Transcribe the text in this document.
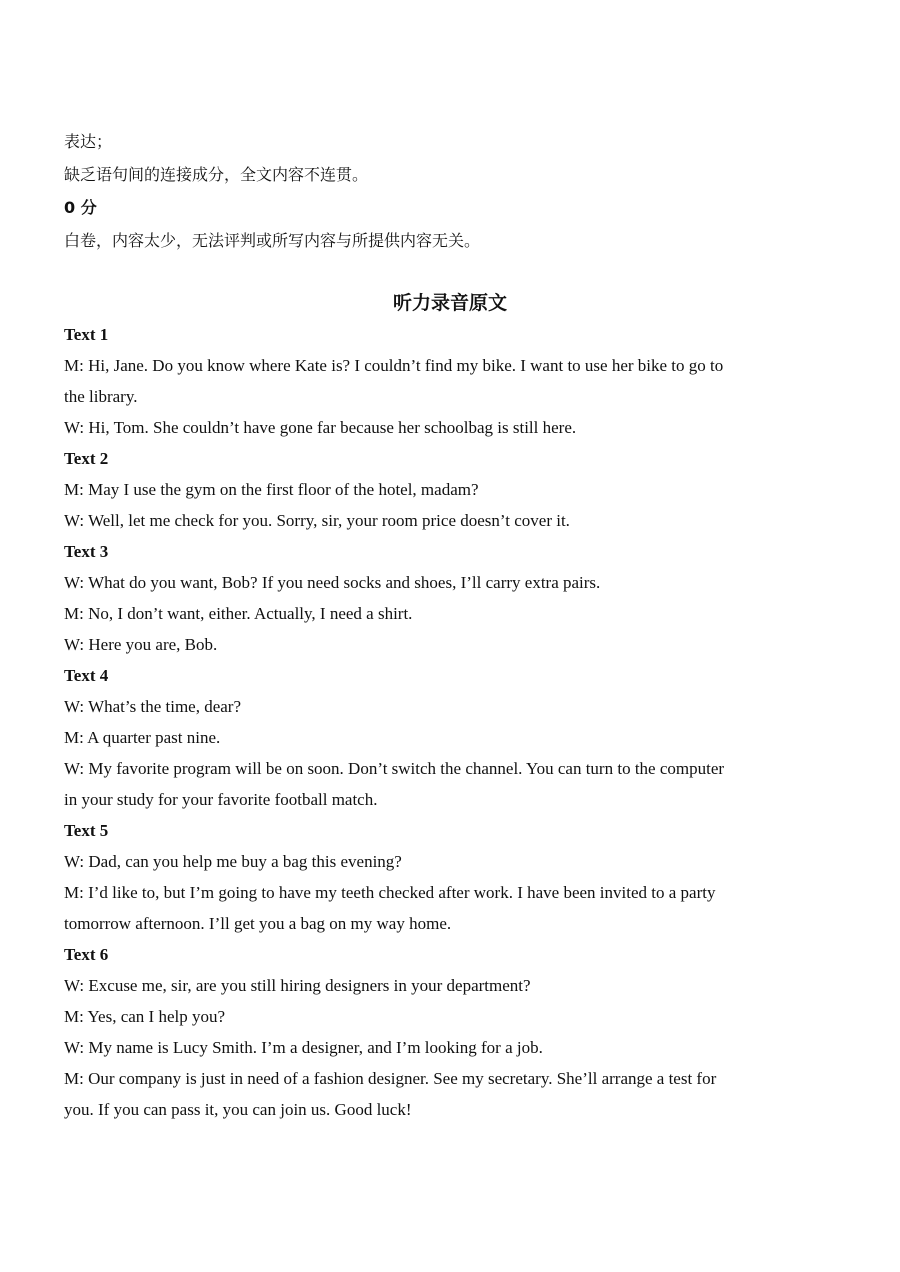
表达；
缺乏语句间的连接成分，全文内容不连贯。
0 分
白卷，内容太少，无法评判或所写内容与所提供内容无关。
听力录音原文
Text 1
M: Hi, Jane. Do you know where Kate is? I couldn’t find my bike. I want to use her bike to go to
the library.
W: Hi, Tom. She couldn’t have gone far because her schoolbag is still here.
Text 2
M: May I use the gym on the first floor of the hotel, madam?
W: Well, let me check for you. Sorry, sir, your room price doesn’t cover it.
Text 3
W: What do you want, Bob? If you need socks and shoes, I’ll carry extra pairs.
M: No, I don’t want, either. Actually, I need a shirt.
W: Here you are, Bob.
Text 4
W: What’s the time, dear?
M: A quarter past nine.
W: My favorite program will be on soon. Don’t switch the channel. You can turn to the computer
in your study for your favorite football match.
Text 5
W: Dad, can you help me buy a bag this evening?
M: I’d like to, but I’m going to have my teeth checked after work. I have been invited to a party
tomorrow afternoon. I’ll get you a bag on my way home.
Text 6
W: Excuse me, sir, are you still hiring designers in your department?
M: Yes, can I help you?
W: My name is Lucy Smith. I’m a designer, and I’m looking for a job.
M: Our company is just in need of a fashion designer. See my secretary. She’ll arrange a test for
you. If you can pass it, you can join us. Good luck!
